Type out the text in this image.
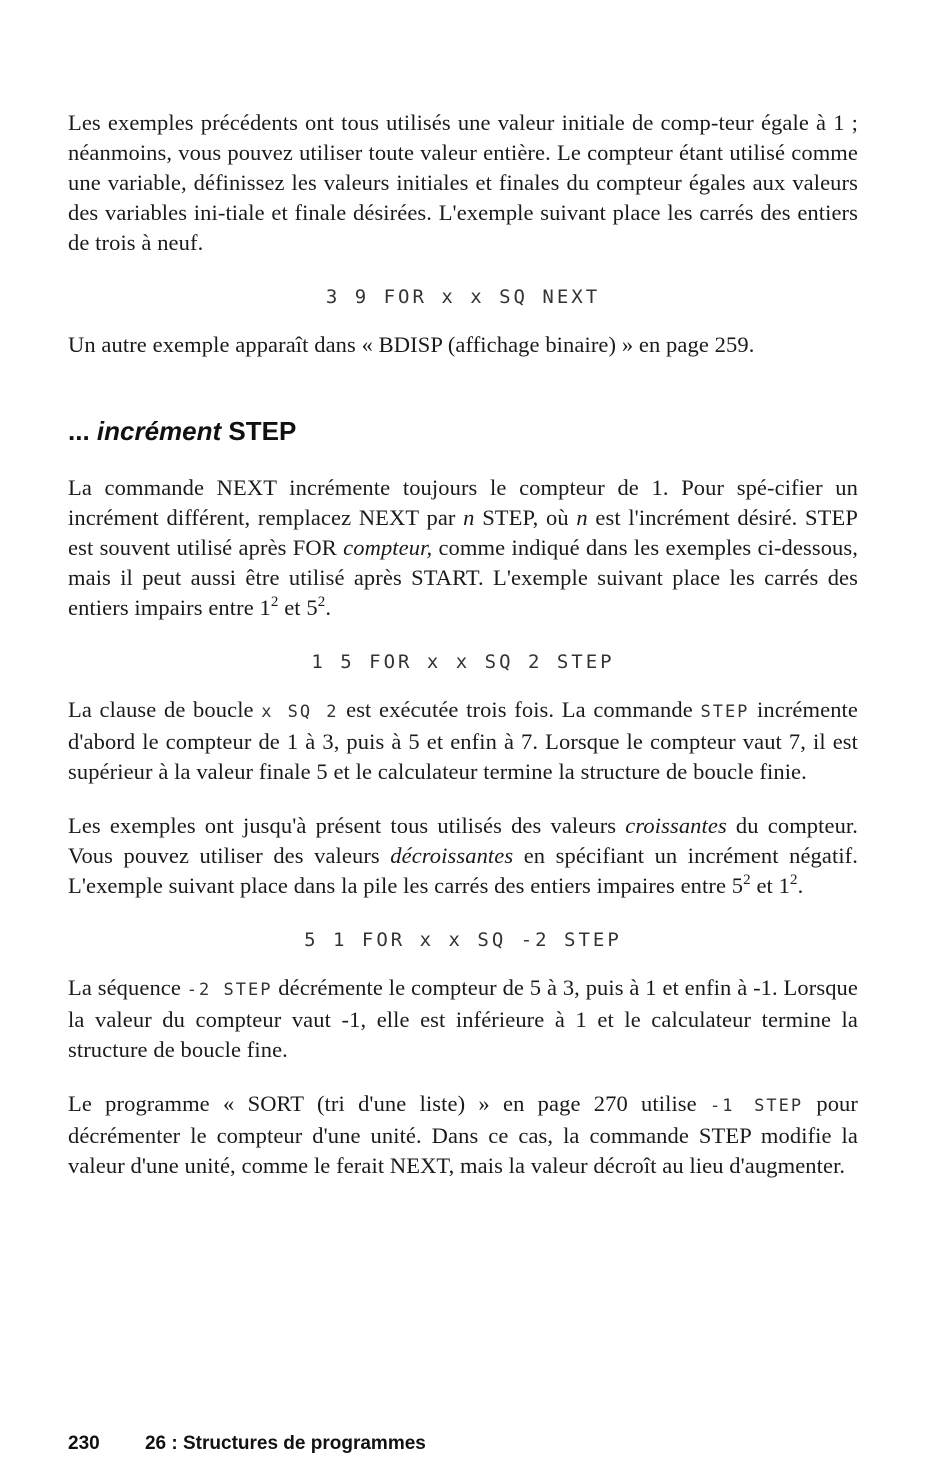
Les exemples précédents ont tous utilisés une valeur initiale de comp-teur égale à 1 ; néanmoins, vous pouvez utiliser toute valeur entière. Le compteur étant utilisé comme une variable, définissez les valeurs initiales et finales du compteur égales aux valeurs des variables ini-tiale et finale désirées. L'exemple suivant place les carrés des entiers de trois à neuf.

3 9 FOR x x SQ NEXT

Un autre exemple apparaît dans « BDISP (affichage binaire) » en page 259.

... incrément STEP

La commande NEXT incrémente toujours le compteur de 1. Pour spé-cifier un incrément différent, remplacez NEXT par n STEP, où n est l'incrément désiré. STEP est souvent utilisé après FOR compteur, comme indiqué dans les exemples ci-dessous, mais il peut aussi être utilisé après START. L'exemple suivant place les carrés des entiers impairs entre $1^2$ et $5^2$.

1 5 FOR x x SQ 2 STEP

La clause de boucle x SQ 2 est exécutée trois fois. La commande STEP incrémente d'abord le compteur de 1 à 3, puis à 5 et enfin à 7. Lorsque le compteur vaut 7, il est supérieur à la valeur finale 5 et le calculateur termine la structure de boucle finie.

Les exemples ont jusqu'à présent tous utilisés des valeurs croissantes du compteur. Vous pouvez utiliser des valeurs décroissantes en spécifiant un incrément négatif. L'exemple suivant place dans la pile les carrés des entiers impaires entre $5^2$ et $1^2$.

5 1 FOR x x SQ -2 STEP

La séquence -2 STEP décrémente le compteur de 5 à 3, puis à 1 et enfin à -1. Lorsque la valeur du compteur vaut -1, elle est inférieure à 1 et le calculateur termine la structure de boucle fine.

Le programme « SORT (tri d'une liste) » en page 270 utilise -1 STEP pour décrémenter le compteur d'une unité. Dans ce cas, la commande STEP modifie la valeur d'une unité, comme le ferait NEXT, mais la valeur décroît au lieu d'augmenter.

230 26 : Structures de programmes
